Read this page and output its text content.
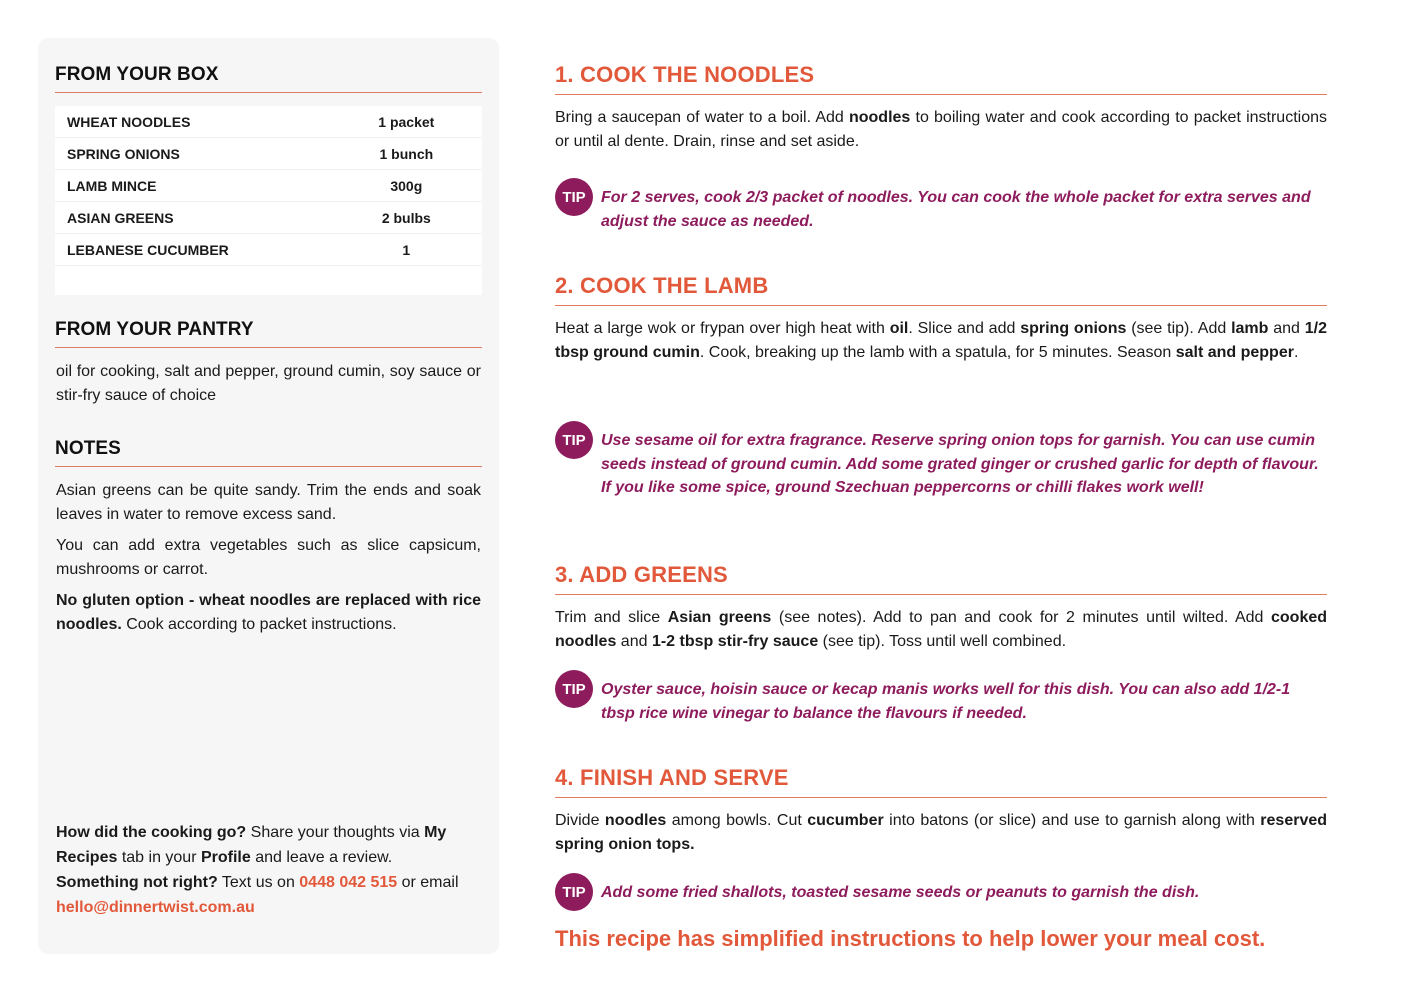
FROM YOUR BOX
WHEAT NOODLES	1 packet
SPRING ONIONS	1 bunch
LAMB MINCE	300g
ASIAN GREENS	2 bulbs
LEBANESE CUCUMBER	1
FROM YOUR PANTRY
oil for cooking, salt and pepper, ground cumin, soy sauce or stir-fry sauce of choice
NOTES

Asian greens can be quite sandy. Trim the ends and soak leaves in water to remove excess sand.

You can add extra vegetables such as slice capsicum, mushrooms or carrot.

No gluten option - wheat noodles are replaced with rice noodles. Cook according to packet instructions.

How did the cooking go? Share your thoughts via My Recipes tab in your Profile and leave a review.
Something not right? Text us on 0448 042 515 or email hello@dinnertwist.com.au
1. COOK THE NOODLES
Bring a saucepan of water to a boil. Add noodles to boiling water and cook according to packet instructions or until al dente. Drain, rinse and set aside.
TIP For 2 serves, cook 2/3 packet of noodles. You can cook the whole packet for extra serves and adjust the sauce as needed.
2. COOK THE LAMB
Heat a large wok or frypan over high heat with oil. Slice and add spring onions (see tip). Add lamb and 1/2 tbsp ground cumin. Cook, breaking up the lamb with a spatula, for 5 minutes. Season salt and pepper.
TIP Use sesame oil for extra fragrance. Reserve spring onion tops for garnish. You can use cumin seeds instead of ground cumin. Add some grated ginger or crushed garlic for depth of flavour. If you like some spice, ground Szechuan peppercorns or chilli flakes work well!
3. ADD GREENS
Trim and slice Asian greens (see notes). Add to pan and cook for 2 minutes until wilted. Add cooked noodles and 1-2 tbsp stir-fry sauce (see tip). Toss until well combined.
TIP Oyster sauce, hoisin sauce or kecap manis works well for this dish. You can also add 1/2-1 tbsp rice wine vinegar to balance the flavours if needed.
4. FINISH AND SERVE
Divide noodles among bowls. Cut cucumber into batons (or slice) and use to garnish along with reserved spring onion tops.
TIP Add some fried shallots, toasted sesame seeds or peanuts to garnish the dish.
This recipe has simplified instructions to help lower your meal cost.
